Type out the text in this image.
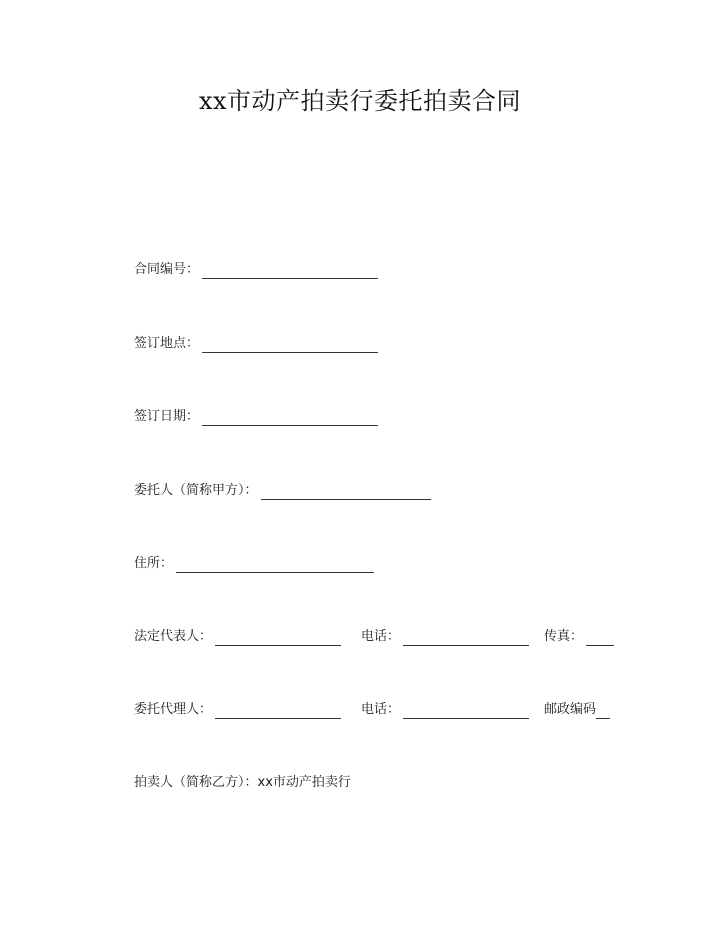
xx市动产拍卖行委托拍卖合同
合同编号：
签订地点：
签订日期：
委托人（简称甲方）：
住所：
法定代表人：	电话：	传真：
委托代理人：	电话：	邮政编码
拍卖人（简称乙方）：xx市动产拍卖行
